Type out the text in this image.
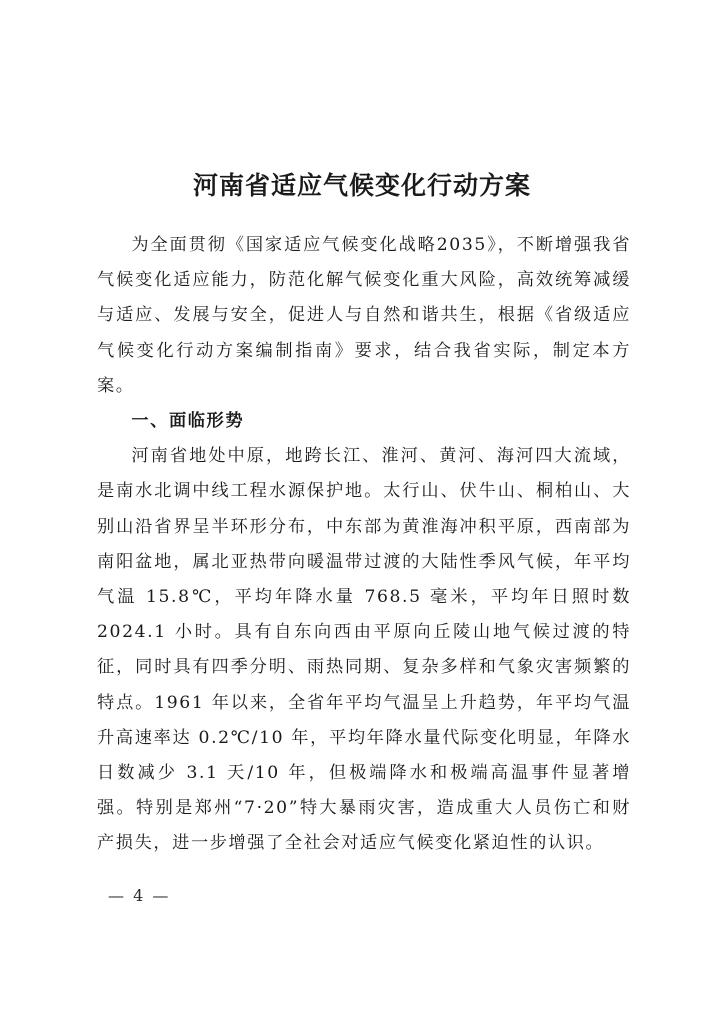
河南省适应气候变化行动方案

为全面贯彻《国家适应气候变化战略2035》，不断增强我省气候变化适应能力，防范化解气候变化重大风险，高效统筹减缓与适应、发展与安全，促进人与自然和谐共生，根据《省级适应气候变化行动方案编制指南》要求，结合我省实际，制定本方案。

一、面临形势

河南省地处中原，地跨长江、淮河、黄河、海河四大流域，是南水北调中线工程水源保护地。太行山、伏牛山、桐柏山、大别山沿省界呈半环形分布，中东部为黄淮海冲积平原，西南部为南阳盆地，属北亚热带向暖温带过渡的大陆性季风气候，年平均气温 15.8℃，平均年降水量 768.5 毫米，平均年日照时数2024.1 小时。具有自东向西由平原向丘陵山地气候过渡的特征，同时具有四季分明、雨热同期、复杂多样和气象灾害频繁的特点。1961 年以来，全省年平均气温呈上升趋势，年平均气温升高速率达 0.2℃/10 年，平均年降水量代际变化明显，年降水日数减少 3.1 天/10 年，但极端降水和极端高温事件显著增强。特别是郑州“7·20”特大暴雨灾害，造成重大人员伤亡和财产损失，进一步增强了全社会对适应气候变化紧迫性的认识。

— 4 —
